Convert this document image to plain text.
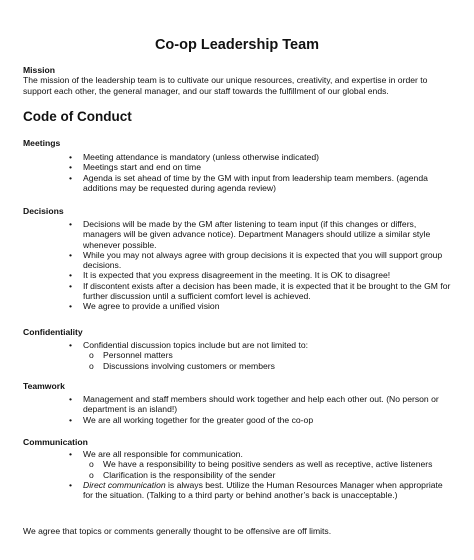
Co-op Leadership Team
Mission
The mission of the leadership team is to cultivate our unique resources, creativity, and expertise in order to support each other, the general manager, and our staff towards the fulfillment of our global ends.
Code of Conduct
Meetings
• Meeting attendance is mandatory (unless otherwise indicated)
• Meetings start and end on time
• Agenda is set ahead of time by the GM with input from leadership team members. (agenda additions may be requested during agenda review)
Decisions
• Decisions will be made by the GM after listening to team input (if this changes or differs, managers will be given advance notice). Department Managers should utilize a similar style whenever possible.
• While you may not always agree with group decisions it is expected that you will support group decisions.
• It is expected that you express disagreement in the meeting. It is OK to disagree!
• If discontent exists after a decision has been made, it is expected that it be brought to the GM for further discussion until a sufficient comfort level is achieved.
• We agree to provide a unified vision
Confidentiality
• Confidential discussion topics include but are not limited to:
o Personnel matters
o Discussions involving customers or members
Teamwork
• Management and staff members should work together and help each other out. (No person or department is an island!)
• We are all working together for the greater good of the co-op
Communication
• We are all responsible for communication.
o We have a responsibility to being positive senders as well as receptive, active listeners
o Clarification is the responsibility of the sender
• Direct communication is always best. Utilize the Human Resources Manager when appropriate for the situation. (Talking to a third party or behind another’s back is unacceptable.)
We agree that topics or comments generally thought to be offensive are off limits.
